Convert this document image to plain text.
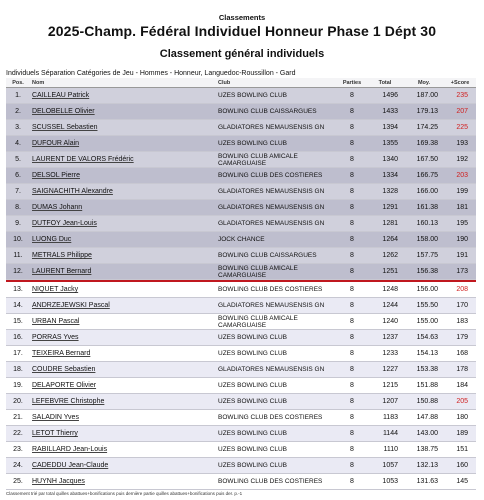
Classements
2025-Champ. Fédéral Individuel Honneur Phase 1 Dépt 30
Classement général individuels
Individuels Séparation Catégories de Jeu - Hommes - Honneur, Languedoc-Roussillon - Gard
Pos.	Nom	Club	Parties	Total	Moy.	+Score
1.	CAILLEAU Patrick	UZES BOWLING CLUB	8	1496	187.00	235
2.	DELOBELLE Olivier	BOWLING CLUB CAISSARGUES	8	1433	179.13	207
3.	SCUSSEL Sebastien	GLADIATORES NEMAUSENSIS GN	8	1394	174.25	225
4.	DUFOUR Alain	UZES BOWLING CLUB	8	1355	169.38	193
5.	LAURENT DE VALORS Frédéric	BOWLING CLUB AMICALE CAMARGUAISE	8	1340	167.50	192
6.	DELSOL Pierre	BOWLING CLUB DES COSTIERES	8	1334	166.75	203
7.	SAIGNACHITH Alexandre	GLADIATORES NEMAUSENSIS GN	8	1328	166.00	199
8.	DUMAS Johann	GLADIATORES NEMAUSENSIS GN	8	1291	161.38	181
9.	DUTFOY Jean-Louis	GLADIATORES NEMAUSENSIS GN	8	1281	160.13	195
10.	LUONG Duc	JOCK CHANCE	8	1264	158.00	190
11.	METRALS Philippe	BOWLING CLUB CAISSARGUES	8	1262	157.75	191
12.	LAURENT Bernard	BOWLING CLUB AMICALE CAMARGUAISE	8	1251	156.38	173

13.	NIQUET Jacky	BOWLING CLUB DES COSTIERES	8	1248	156.00	208
14.	ANDRZEJEWSKI Pascal	GLADIATORES NEMAUSENSIS GN	8	1244	155.50	170
15.	URBAN Pascal	BOWLING CLUB AMICALE CAMARGUAISE	8	1240	155.00	183
16.	PORRAS Yves	UZES BOWLING CLUB	8	1237	154.63	179
17.	TEIXEIRA Bernard	UZES BOWLING CLUB	8	1233	154.13	168
18.	COUDRE Sebastien	GLADIATORES NEMAUSENSIS GN	8	1227	153.38	178
19.	DELAPORTE Olivier	UZES BOWLING CLUB	8	1215	151.88	184
20.	LEFEBVRE Christophe	UZES BOWLING CLUB	8	1207	150.88	205
21.	SALADIN Yves	BOWLING CLUB DES COSTIERES	8	1183	147.88	180
22.	LETOT Thierry	UZES BOWLING CLUB	8	1144	143.00	189
23.	RABILLARD Jean-Louis	UZES BOWLING CLUB	8	1110	138.75	151
24.	CADEDDU Jean-Claude	UZES BOWLING CLUB	8	1057	132.13	160
25.	HUYNH Jacques	BOWLING CLUB DES COSTIERES	8	1053	131.63	145
Classement trié par total quilles abattues+bonifications puis dernière partie quilles abattues+bonifications puis der. p.-1
